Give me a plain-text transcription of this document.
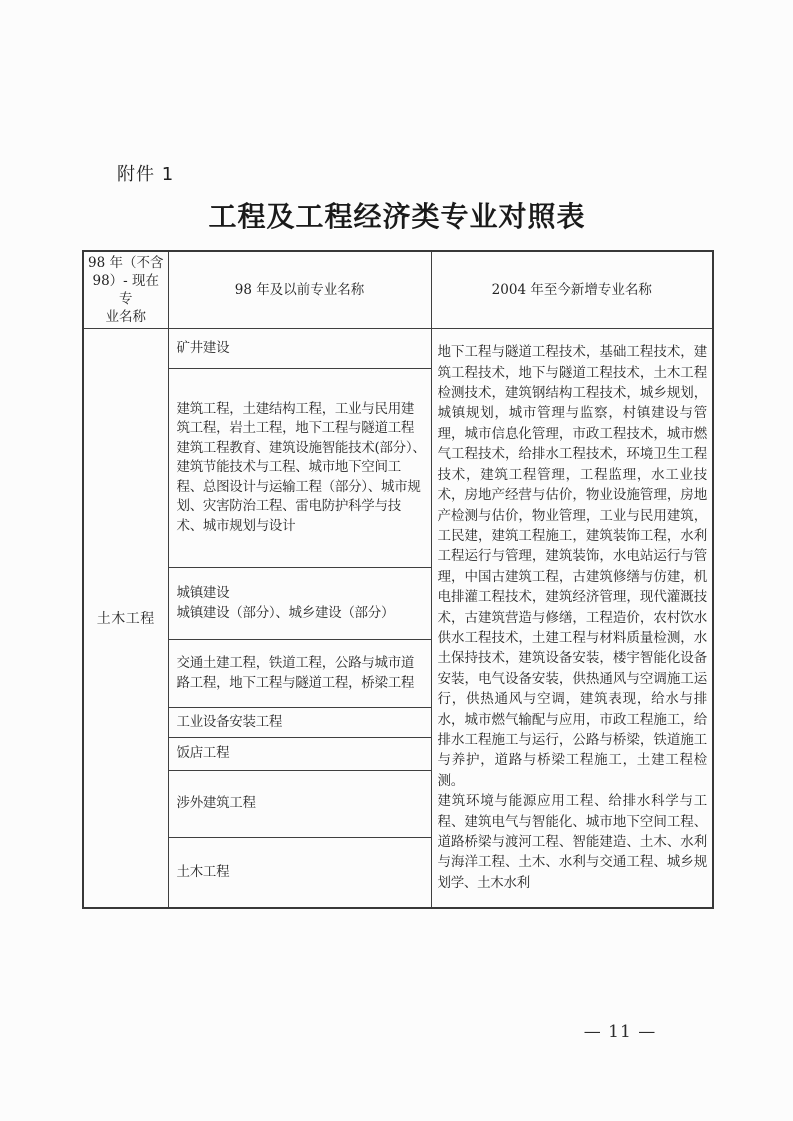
附件 1
工程及工程经济类专业对照表
98 年（不含
98）- 现在专
业名称	98 年及以前专业名称	2004 年至今新增专业名称
土木工程	矿井建设	地下工程与隧道工程技术，基础工程技术，建筑工程技术，地下与隧道工程技术，土木工程检测技术，建筑钢结构工程技术，城乡规划，城镇规划，城市管理与监察，村镇建设与管理，城市信息化管理，市政工程技术，城市燃气工程技术，给排水工程技术，环境卫生工程技术，建筑工程管理，工程监理，水工业技术，房地产经营与估价，物业设施管理，房地产检测与估价，物业管理，工业与民用建筑，工民建，建筑工程施工，建筑装饰工程，水利工程运行与管理，建筑装饰，水电站运行与管理，中国古建筑工程，古建筑修缮与仿建，机电排灌工程技术，建筑经济管理，现代灌溉技术，古建筑营造与修缮，工程造价，农村饮水供水工程技术，土建工程与材料质量检测，水土保持技术，建筑设备安装，楼宇智能化设备安装，电气设备安装，供热通风与空调施工运行，供热通风与空调，建筑表现，给水与排水，城市燃气输配与应用，市政工程施工，给排水工程施工与运行，公路与桥梁，铁道施工与养护，道路与桥梁工程施工，土建工程检测。
建筑环境与能源应用工程、给排水科学与工程、建筑电气与智能化、城市地下空间工程、道路桥梁与渡河工程、智能建造、土木、水利与海洋工程、土木、水利与交通工程、城乡规划学、土木水利

	建筑工程，土建结构工程，工业与民用建筑工程，岩土工程，地下工程与隧道工程
建筑工程教育、建筑设施智能技术(部分）、建筑节能技术与工程、城市地下空间工程、总图设计与运输工程（部分）、城市规划、灾害防治工程、雷电防护科学与技术、城市规划与设计	

	城镇建设
城镇建设（部分）、城乡建设（部分）	

	交通土建工程，铁道工程，公路与城市道路工程，地下工程与隧道工程，桥梁工程	

	工业设备安装工程	

	饭店工程	

	涉外建筑工程	

	土木工程	
— 11 —
